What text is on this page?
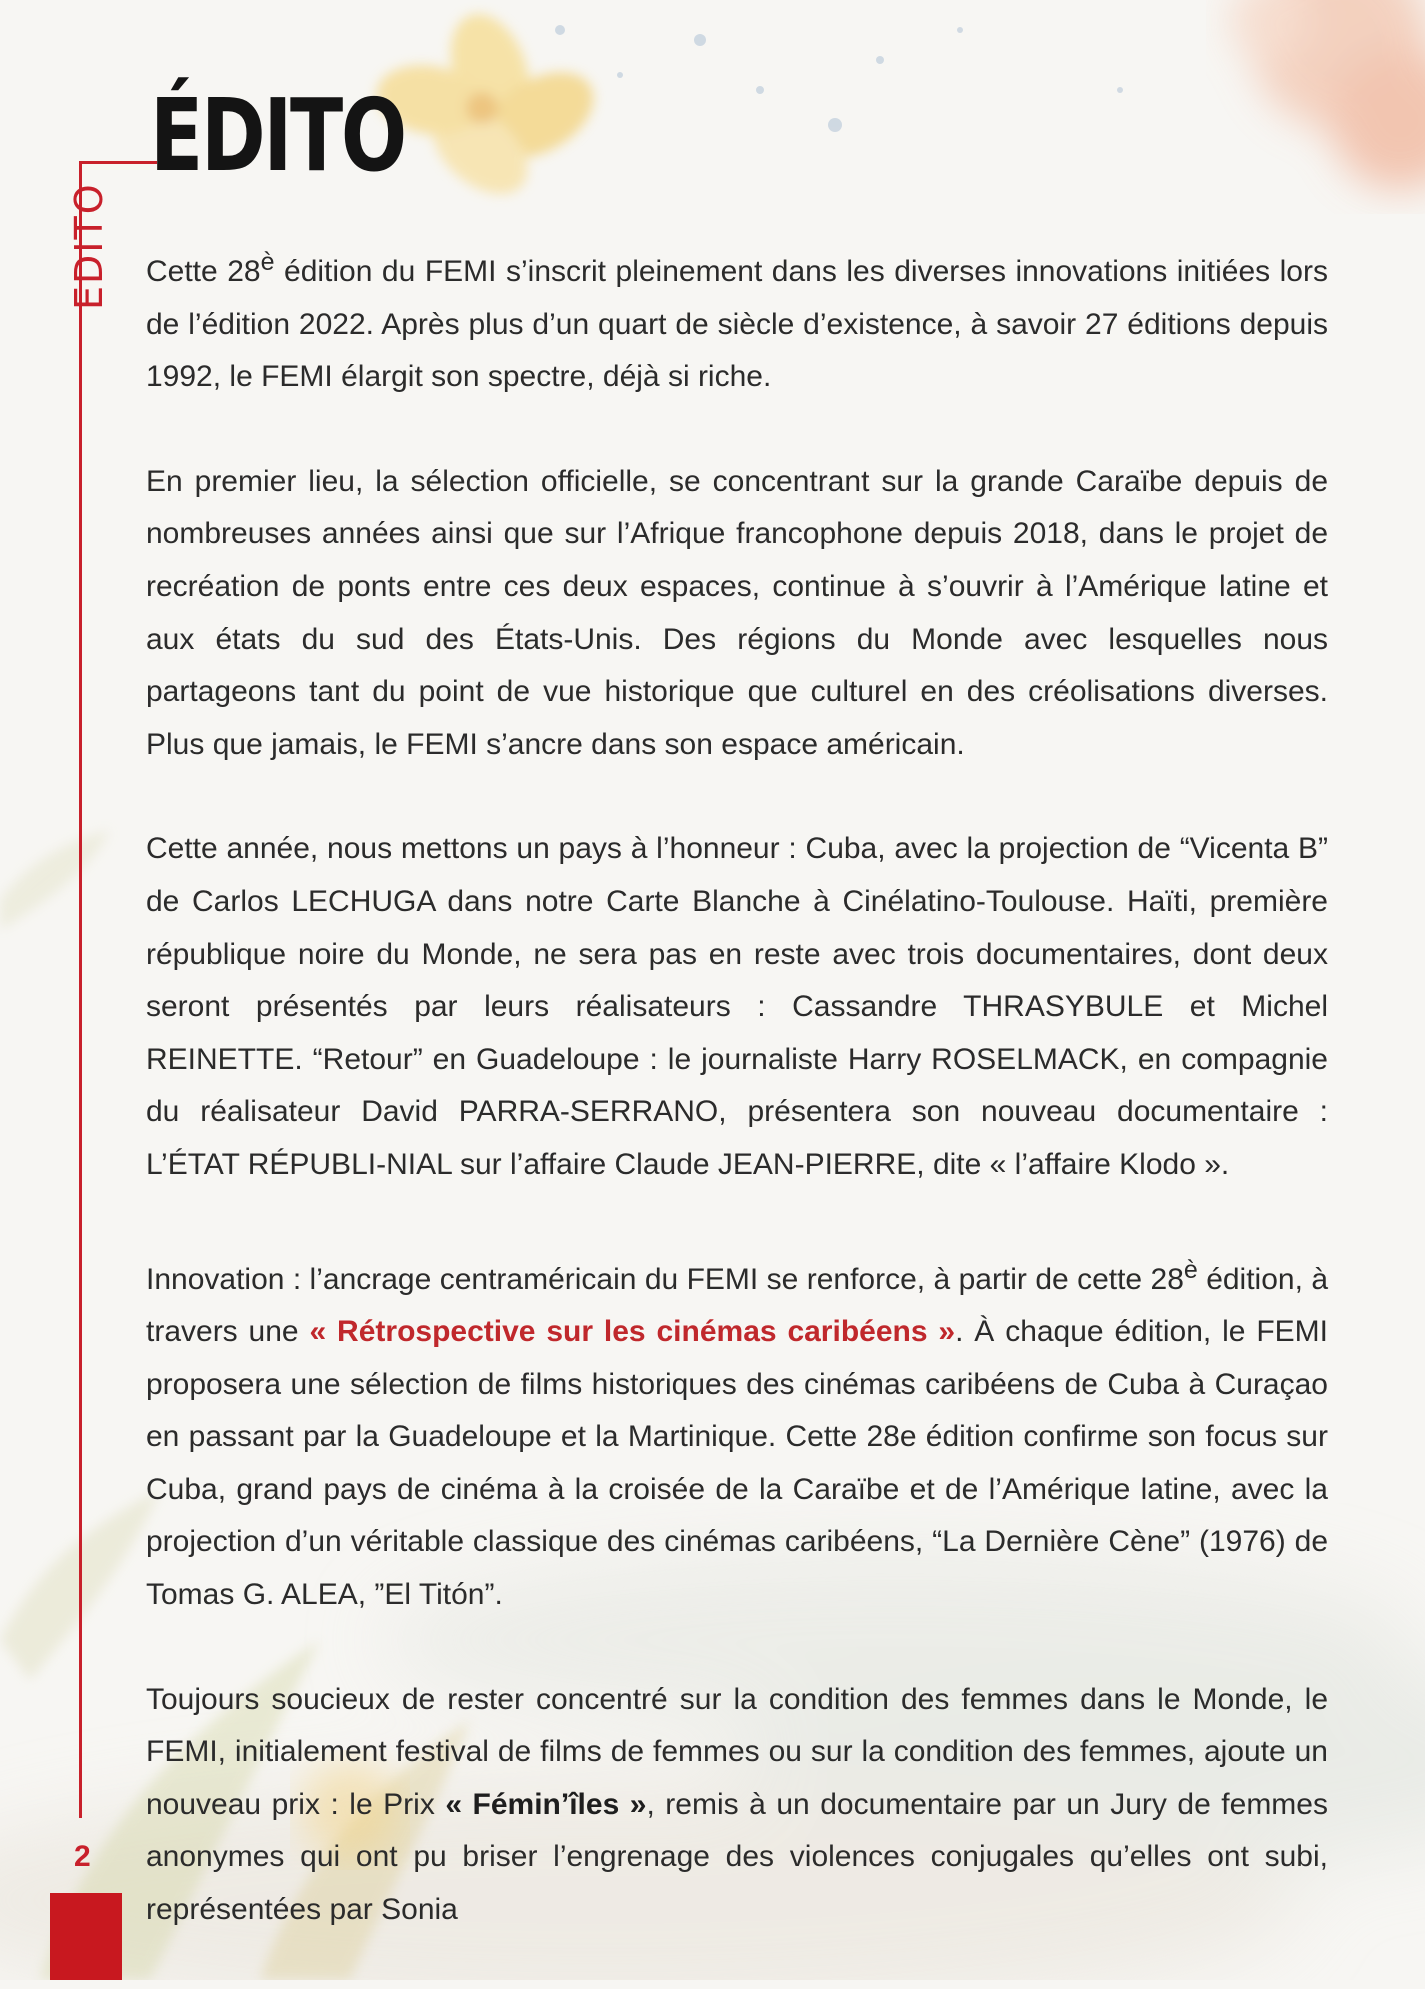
EDITO
ÉDITO

Cette $28^è$ édition du FEMI s’inscrit pleinement dans les diverses innovations initiées lors de l’édition 2022. Après plus d’un quart de siècle d’existence, à savoir 27 éditions depuis 1992, le FEMI élargit son spectre, déjà si riche.

En premier lieu, la sélection officielle, se concentrant sur la grande Caraïbe depuis de nombreuses années ainsi que sur l’Afrique francophone depuis 2018, dans le projet de recréation de ponts entre ces deux espaces, continue à s’ouvrir à l’Amérique latine et aux états du sud des États-Unis. Des régions du Monde avec lesquelles nous partageons tant du point de vue historique que culturel en des créolisations diverses. Plus que jamais, le FEMI s’ancre dans son espace américain.

Cette année, nous mettons un pays à l’honneur : Cuba, avec la projection de “Vicenta B” de Carlos LECHUGA dans notre Carte Blanche à Cinélatino-Toulouse. Haïti, première république noire du Monde, ne sera pas en reste avec trois documentaires, dont deux seront présentés par leurs réalisateurs : Cassandre THRASYBULE et Michel REINETTE. “Retour” en Guadeloupe : le journaliste Harry ROSELMACK, en compagnie du réalisateur David PARRA-SERRANO, présentera son nouveau documentaire : L’ÉTAT RÉPUBLI-NIAL sur l’affaire Claude JEAN-PIERRE, dite « l’affaire Klodo ».

Innovation : l’ancrage centraméricain du FEMI se renforce, à partir de cette $28^è$ édition, à travers une « Rétrospective sur les cinémas caribéens ». À chaque édition, le FEMI proposera une sélection de films historiques des cinémas caribéens de Cuba à Curaçao en passant par la Guadeloupe et la Martinique. Cette 28e édition confirme son focus sur Cuba, grand pays de cinéma à la croisée de la Caraïbe et de l’Amérique latine, avec la projection d’un véritable classique des cinémas caribéens, “La Dernière Cène” (1976) de Tomas G. ALEA, ”El Titón”.

Toujours soucieux de rester concentré sur la condition des femmes dans le Monde, le FEMI, initialement festival de films de femmes ou sur la condition des femmes, ajoute un nouveau prix : le Prix « Fémin’îles », remis à un documentaire par un Jury de femmes anonymes qui ont pu briser l’engrenage des violences conjugales qu’elles ont subi, représentées par Sonia

2
